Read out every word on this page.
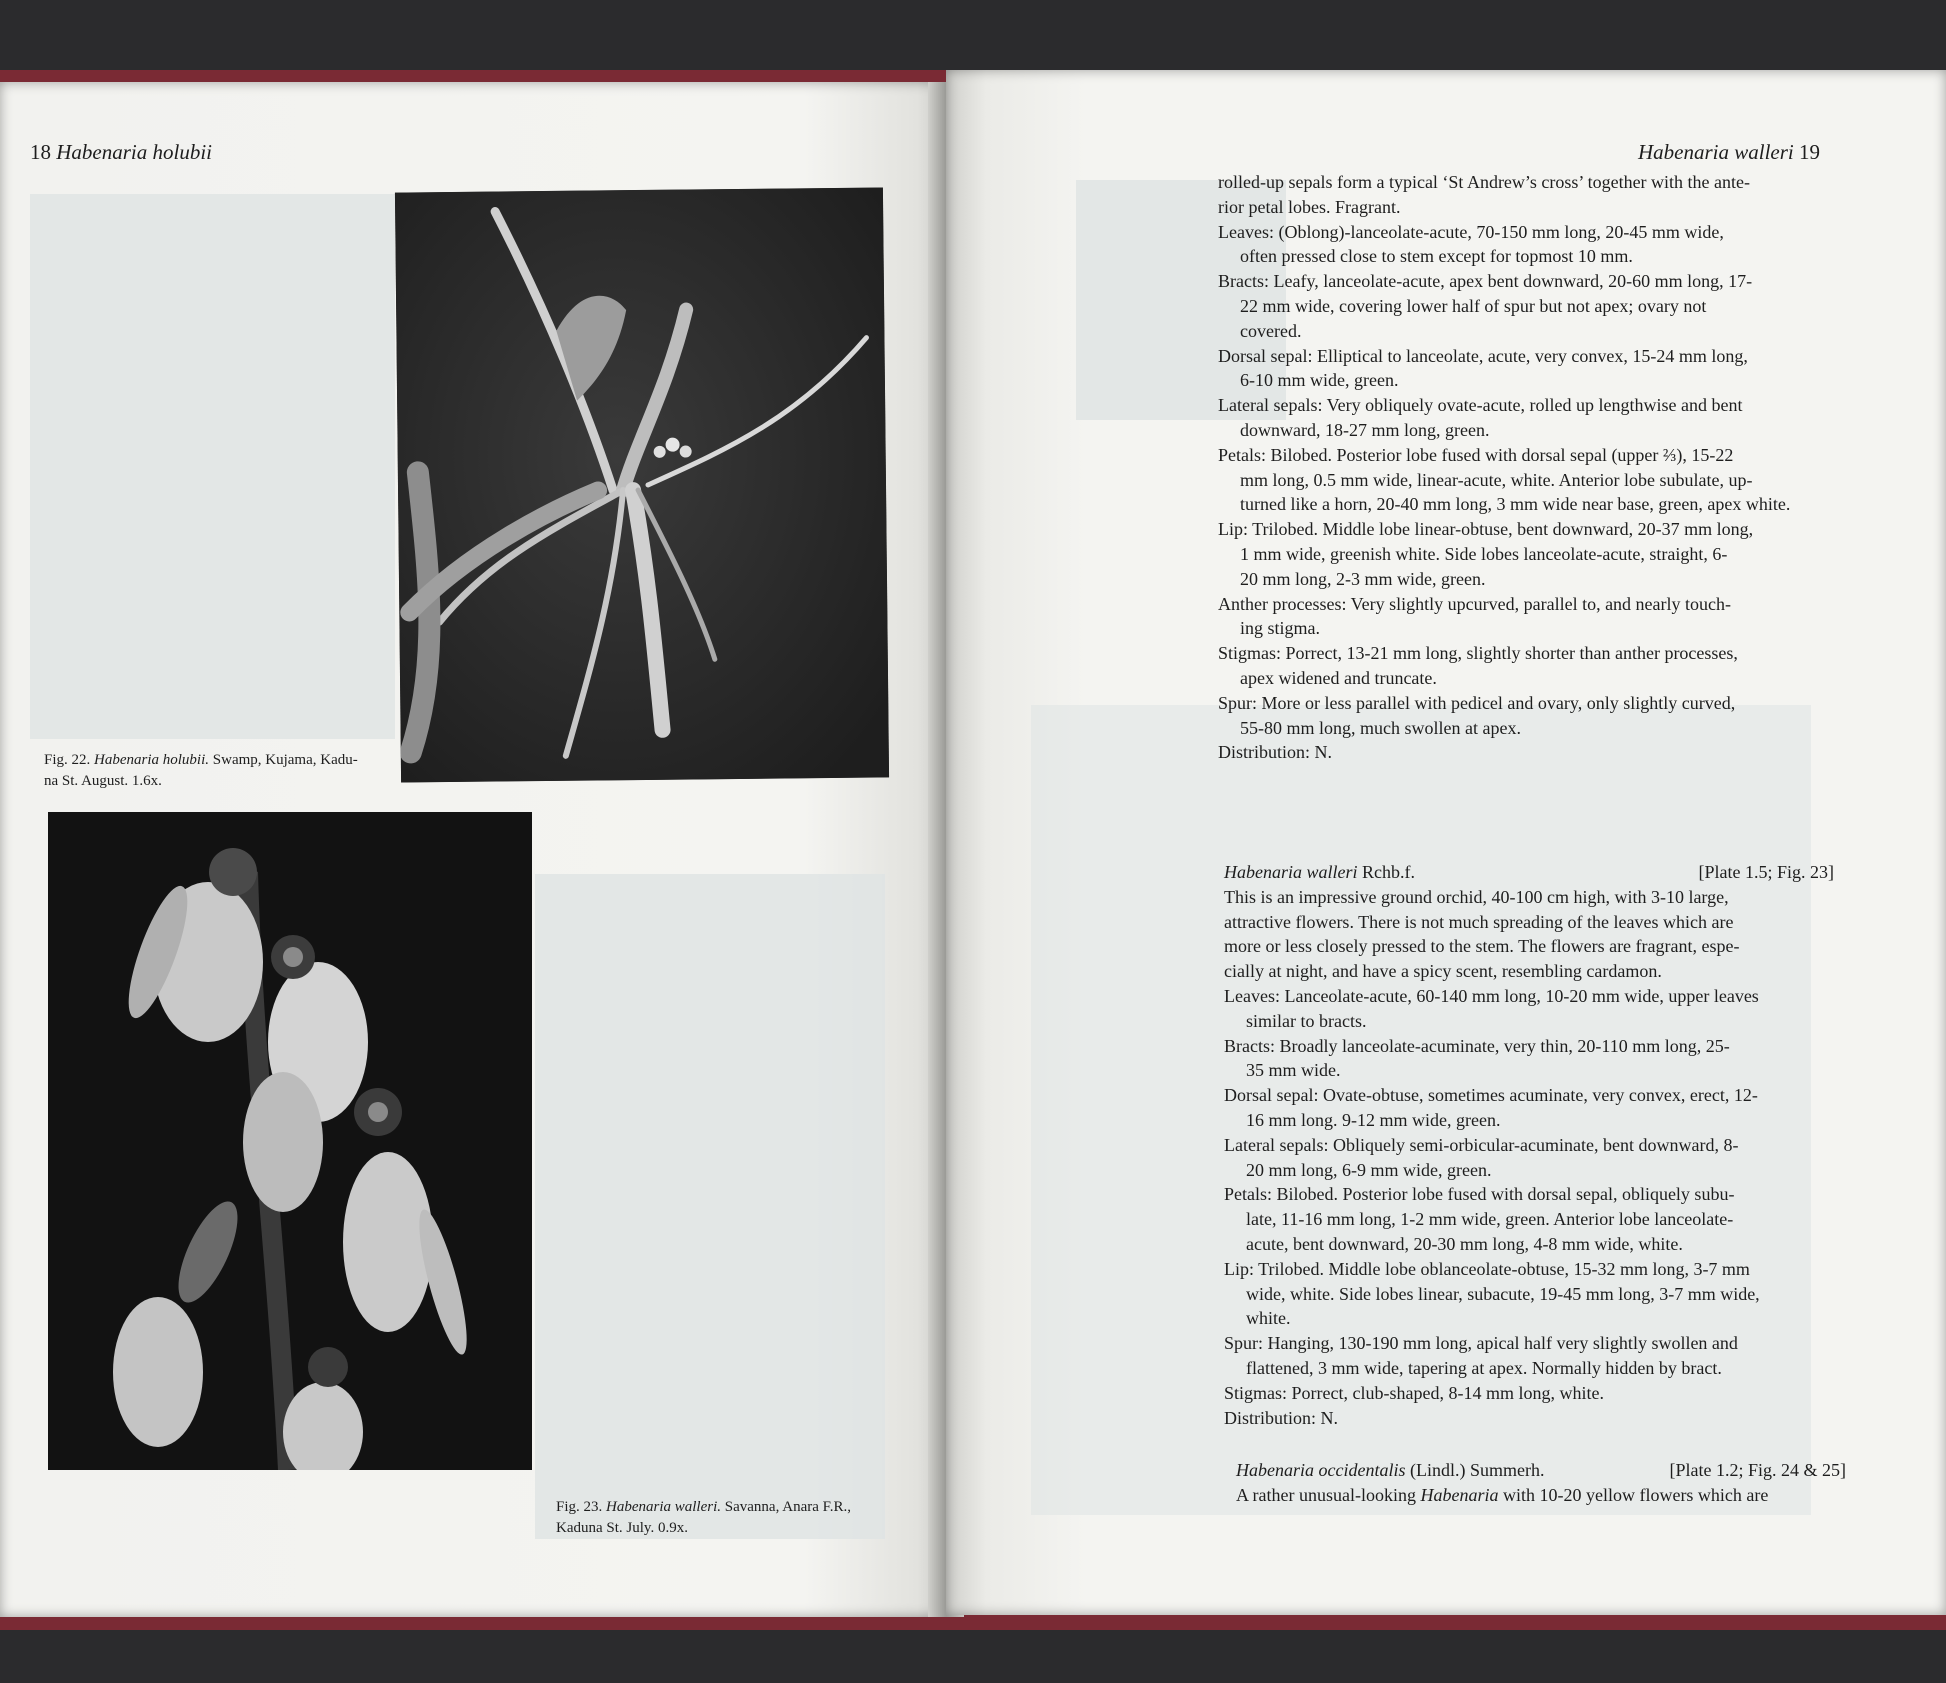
18 Habenaria holubii
Fig. 22. Habenaria holubii. Swamp, Kujama, Kadu-
na St. August. 1.6x.
Fig. 23. Habenaria walleri. Savanna, Anara F.R.,
Kaduna St. July. 0.9x.
Habenaria walleri 19
rolled-up sepals form a typical ‘St Andrew’s cross’ together with the ante-
rior petal lobes. Fragrant.
Leaves: (Oblong)-lanceolate-acute, 70-150 mm long, 20-45 mm wide,
often pressed close to stem except for topmost 10 mm.
Bracts: Leafy, lanceolate-acute, apex bent downward, 20-60 mm long, 17-
22 mm wide, covering lower half of spur but not apex; ovary not
covered.
Dorsal sepal: Elliptical to lanceolate, acute, very convex, 15-24 mm long,
6-10 mm wide, green.
Lateral sepals: Very obliquely ovate-acute, rolled up lengthwise and bent
downward, 18-27 mm long, green.
Petals: Bilobed. Posterior lobe fused with dorsal sepal (upper ⅔), 15-22
mm long, 0.5 mm wide, linear-acute, white. Anterior lobe subulate, up-
turned like a horn, 20-40 mm long, 3 mm wide near base, green, apex white.
Lip: Trilobed. Middle lobe linear-obtuse, bent downward, 20-37 mm long,
1 mm wide, greenish white. Side lobes lanceolate-acute, straight, 6-
20 mm long, 2-3 mm wide, green.
Anther processes: Very slightly upcurved, parallel to, and nearly touch-
ing stigma.
Stigmas: Porrect, 13-21 mm long, slightly shorter than anther processes,
apex widened and truncate.
Spur: More or less parallel with pedicel and ovary, only slightly curved,
55-80 mm long, much swollen at apex.
Distribution: N.
Habenaria walleri Rchb.f.	[Plate 1.5; Fig. 23]
This is an impressive ground orchid, 40-100 cm high, with 3-10 large,
attractive flowers. There is not much spreading of the leaves which are
more or less closely pressed to the stem. The flowers are fragrant, espe-
cially at night, and have a spicy scent, resembling cardamon.
Leaves: Lanceolate-acute, 60-140 mm long, 10-20 mm wide, upper leaves
similar to bracts.
Bracts: Broadly lanceolate-acuminate, very thin, 20-110 mm long, 25-
35 mm wide.
Dorsal sepal: Ovate-obtuse, sometimes acuminate, very convex, erect, 12-
16 mm long. 9-12 mm wide, green.
Lateral sepals: Obliquely semi-orbicular-acuminate, bent downward, 8-
20 mm long, 6-9 mm wide, green.
Petals: Bilobed. Posterior lobe fused with dorsal sepal, obliquely subu-
late, 11-16 mm long, 1-2 mm wide, green. Anterior lobe lanceolate-
acute, bent downward, 20-30 mm long, 4-8 mm wide, white.
Lip: Trilobed. Middle lobe oblanceolate-obtuse, 15-32 mm long, 3-7 mm
wide, white. Side lobes linear, subacute, 19-45 mm long, 3-7 mm wide,
white.
Spur: Hanging, 130-190 mm long, apical half very slightly swollen and
flattened, 3 mm wide, tapering at apex. Normally hidden by bract.
Stigmas: Porrect, club-shaped, 8-14 mm long, white.
Distribution: N.
Habenaria occidentalis (Lindl.) Summerh.	[Plate 1.2; Fig. 24 & 25]
A rather unusual-looking Habenaria with 10-20 yellow flowers which are
